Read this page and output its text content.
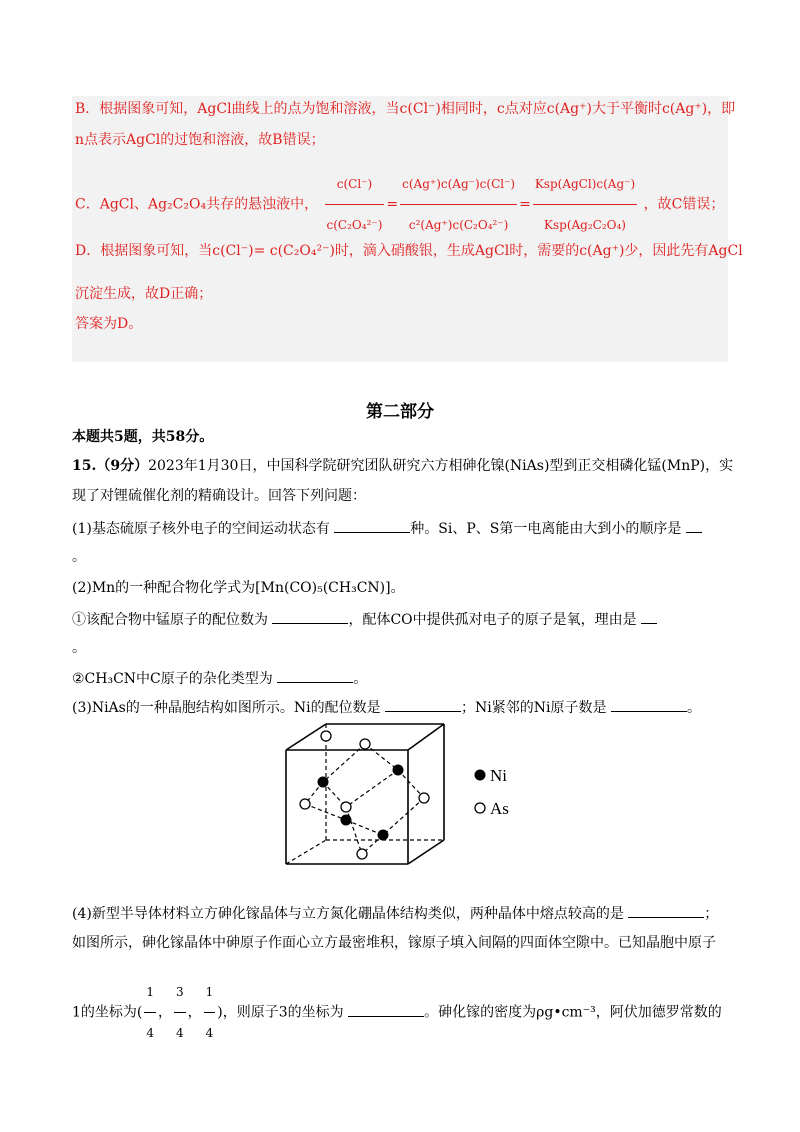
B．根据图象可知，AgCl曲线上的点为饱和溶液，当c(Cl⁻)相同时，c点对应c(Ag⁺)大于平衡时c(Ag⁺)，即
n点表示AgCl的过饱和溶液，故B错误；
C．AgCl、Ag₂C₂O₄共存的悬浊液中， $\frac{c(Cl^-)}{\text{c(C₂O₄²⁻)}} \frac{c(Ag^+)c(Ag^-)c(Cl^-)}{\text{c²(Ag⁺)c(C₂O₄²⁻)}} \frac{\text{Ksp(AgCl)c(Ag⁻)}}{\text{Ksp(Ag₂C₂O₄)}}$ ，故C错误；
D．根据图象可知，当c(Cl⁻)= c(C₂O₄²⁻)时，滴入硝酸银，生成AgCl时，需要的c(Ag⁺)少，因此先有AgCl
沉淀生成，故D正确；
答案为D。
第二部分
本题共5题，共58分。
15.（9分）2023年1月30日，中国科学院研究团队研究六方相砷化镍(NiAs)型到正交相磷化锰(MnP)，实
现了对锂硫催化剂的精确设计。回答下列问题：
(1)基态硫原子核外电子的空间运动状态有	种。Si、P、S第一电离能由大到小的顺序是
。
(2)Mn的一种配合物化学式为[Mn(CO)₅(CH₃CN)]。
①该配合物中锰原子的配位数为	，配体CO中提供孤对电子的原子是氧，理由是
。
②CH₃CN中C原子的杂化类型为	。
(3)NiAs的一种晶胞结构如图所示。Ni的配位数是	；Ni紧邻的Ni原子数是	。
Ni
As
(4)新型半导体材料立方砷化镓晶体与立方氮化硼晶体结构类似，两种晶体中熔点较高的是	；
如图所示，砷化镓晶体中砷原子作面心立方最密堆积，镓原子填入间隔的四面体空隙中。已知晶胞中原子
1的坐标为( $\frac{1}{4}$ ， $\frac{3}{4}$ ， $\frac{1}{4}$ )，则原子3的坐标为	。砷化镓的密度为ρg•cm⁻³，阿伏加德罗常数的
